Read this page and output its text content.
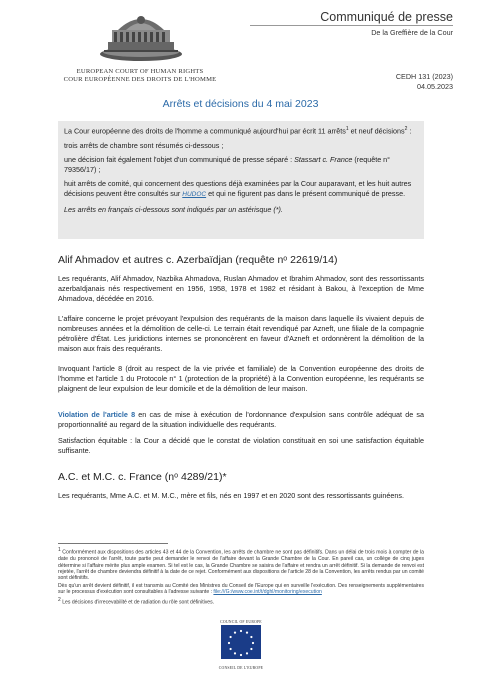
EUROPEAN COURT OF HUMAN RIGHTS
COUR EUROPÉENNE DES DROITS DE L'HOMME
Communiqué de presse
De la Greffière de la Cour
CEDH 131 (2023)
04.05.2023
Arrêts et décisions du 4 mai 2023

La Cour européenne des droits de l'homme a communiqué aujourd'hui par écrit 11 arrêts$^1$ et neuf décisions$^2$ :

trois arrêts de chambre sont résumés ci-dessous ;

une décision fait également l'objet d'un communiqué de presse séparé : Stassart c. France (requête n° 79356/17) ;

huit arrêts de comité, qui concernent des questions déjà examinées par la Cour auparavant, et les huit autres décisions peuvent être consultés sur HUDOC et qui ne figurent pas dans le présent communiqué de presse.

Les arrêts en français ci-dessous sont indiqués par un astérisque (*).

Alif Ahmadov et autres c. Azerbaïdjan (requête nᵒ 22619/14)

Les requérants, Alif Ahmadov, Nazbika Ahmadova, Ruslan Ahmadov et Ibrahim Ahmadov, sont des ressortissants azerbaïdjanais nés respectivement en 1956, 1958, 1978 et 1982 et résidant à Bakou, à l'exception de Mme Ahmadova, décédée en 2016.

L'affaire concerne le projet prévoyant l'expulsion des requérants de la maison dans laquelle ils vivaient depuis de nombreuses années et la démolition de celle-ci. Le terrain était revendiqué par Azneft, une filiale de la compagnie pétrolière d'État. Les juridictions internes se prononcèrent en faveur d'Azneft et ordonnèrent la démolition de la maison aux frais des requérants.

Invoquant l'article 8 (droit au respect de la vie privée et familiale) de la Convention européenne des droits de l'homme et l'article 1 du Protocole n° 1 (protection de la propriété) à la Convention européenne, les requérants se plaignent de leur expulsion de leur domicile et de la démolition de leur maison.

Violation de l'article 8 en cas de mise à exécution de l'ordonnance d'expulsion sans contrôle adéquat de sa proportionnalité au regard de la situation individuelle des requérants.

Satisfaction équitable : la Cour a décidé que le constat de violation constituait en soi une satisfaction équitable suffisante.

A.C. et M.C. c. France (nᵒ 4289/21)*

Les requérants, Mme A.C. et M. M.C., mère et fils, nés en 1997 et en 2020 sont des ressortissants guinéens.

1 Conformément aux dispositions des articles 43 et 44 de la Convention, les arrêts de chambre ne sont pas définitifs. Dans un délai de trois mois à compter de la date du prononcé de l'arrêt, toute partie peut demander le renvoi de l'affaire devant la Grande Chambre de la Cour. En pareil cas, un collège de cinq juges détermine si l'affaire mérite plus ample examen. Si tel est le cas, la Grande Chambre se saisira de l'affaire et rendra un arrêt définitif. Si la demande de renvoi est rejetée, l'arrêt de chambre deviendra définitif à la date de ce rejet. Conformément aux dispositions de l'article 28 de la Convention, les arrêts rendus par un comité sont définitifs.

Dès qu'un arrêt devient définitif, il est transmis au Comité des Ministres du Conseil de l'Europe qui en surveille l'exécution. Des renseignements supplémentaires sur le processus d'exécution sont consultables à l'adresse suivante : file:///G:/www.coe.int/t/dghl/monitoring/execution

2 Les décisions d'irrecevabilité et de radiation du rôle sont définitives.

COUNCIL OF EUROPE
CONSEIL DE L'EUROPE
